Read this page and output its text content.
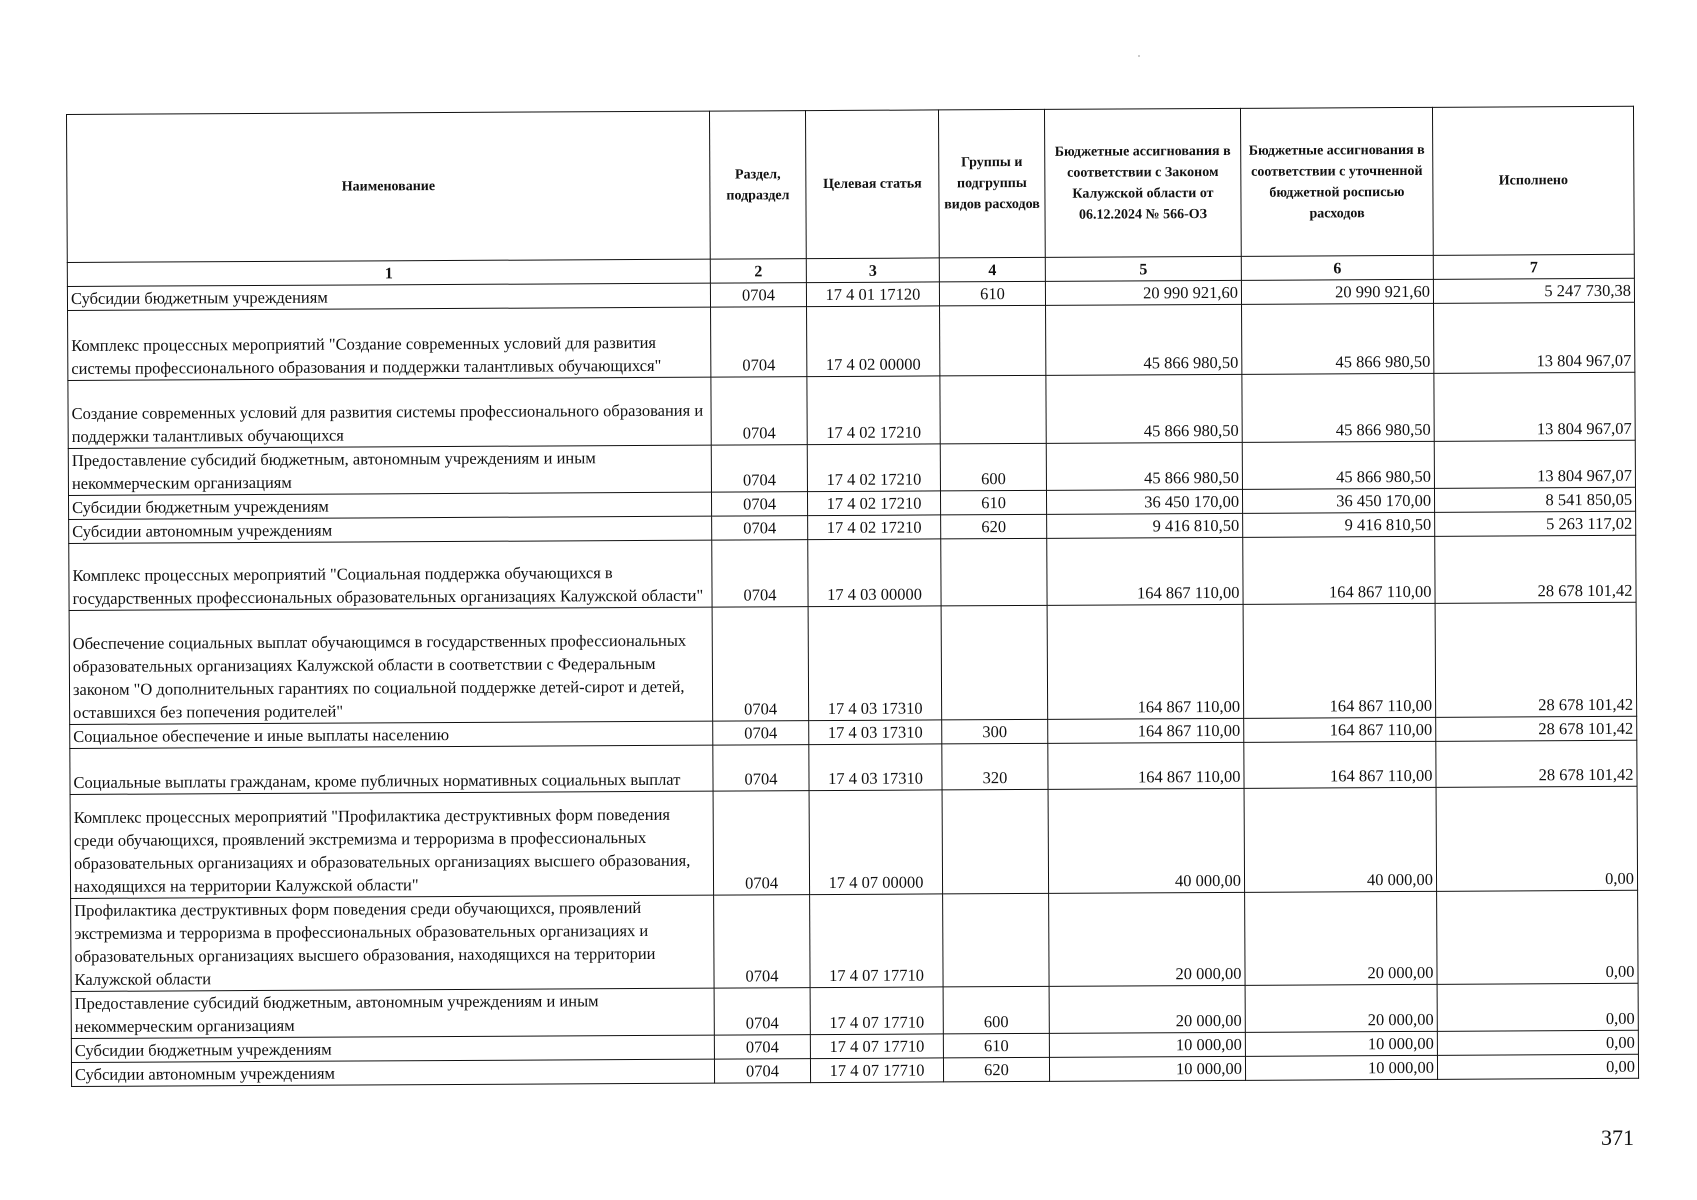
Наименование	Раздел, подраздел	Целевая статья	Группы и подгруппы видов расходов	Бюджетные ассигнования в соответствии с Законом Калужской области от 06.12.2024 № 566-ОЗ	Бюджетные ассигнования в соответствии с уточненной бюджетной росписью расходов	Исполнено
1	2	3	4	5	6	7
Субсидии бюджетным учреждениям	0704	17 4 01 17120	610	20 990 921,60	20 990 921,60	5 247 730,38
Комплекс процессных мероприятий "Создание современных условий для развития системы профессионального образования и поддержки талантливых обучающихся"	0704	17 4 02 00000		45 866 980,50	45 866 980,50	13 804 967,07
Создание современных условий для развития системы профессионального образования и поддержки талантливых обучающихся	0704	17 4 02 17210		45 866 980,50	45 866 980,50	13 804 967,07
Предоставление субсидий бюджетным, автономным учреждениям и иным некоммерческим организациям	0704	17 4 02 17210	600	45 866 980,50	45 866 980,50	13 804 967,07
Субсидии бюджетным учреждениям	0704	17 4 02 17210	610	36 450 170,00	36 450 170,00	8 541 850,05
Субсидии автономным учреждениям	0704	17 4 02 17210	620	9 416 810,50	9 416 810,50	5 263 117,02
Комплекс процессных мероприятий "Социальная поддержка обучающихся в государственных профессиональных образовательных организациях Калужской области"	0704	17 4 03 00000		164 867 110,00	164 867 110,00	28 678 101,42
Обеспечение социальных выплат обучающимся в государственных профессиональных образовательных организациях Калужской области в соответствии с Федеральным законом "О дополнительных гарантиях по социальной поддержке детей-сирот и детей, оставшихся без попечения родителей"	0704	17 4 03 17310		164 867 110,00	164 867 110,00	28 678 101,42
Социальное обеспечение и иные выплаты населению	0704	17 4 03 17310	300	164 867 110,00	164 867 110,00	28 678 101,42
Социальные выплаты гражданам, кроме публичных нормативных социальных выплат	0704	17 4 03 17310	320	164 867 110,00	164 867 110,00	28 678 101,42
Комплекс процессных мероприятий "Профилактика деструктивных форм поведения среди обучающихся, проявлений экстремизма и терроризма в профессиональных образовательных организациях и образовательных организациях высшего образования, находящихся на территории Калужской области"	0704	17 4 07 00000		40 000,00	40 000,00	0,00
Профилактика деструктивных форм поведения среди обучающихся, проявлений экстремизма и терроризма в профессиональных образовательных организациях и образовательных организациях высшего образования, находящихся на территории Калужской области	0704	17 4 07 17710		20 000,00	20 000,00	0,00
Предоставление субсидий бюджетным, автономным учреждениям и иным некоммерческим организациям	0704	17 4 07 17710	600	20 000,00	20 000,00	0,00
Субсидии бюджетным учреждениям	0704	17 4 07 17710	610	10 000,00	10 000,00	0,00
Субсидии автономным учреждениям	0704	17 4 07 17710	620	10 000,00	10 000,00	0,00
371
